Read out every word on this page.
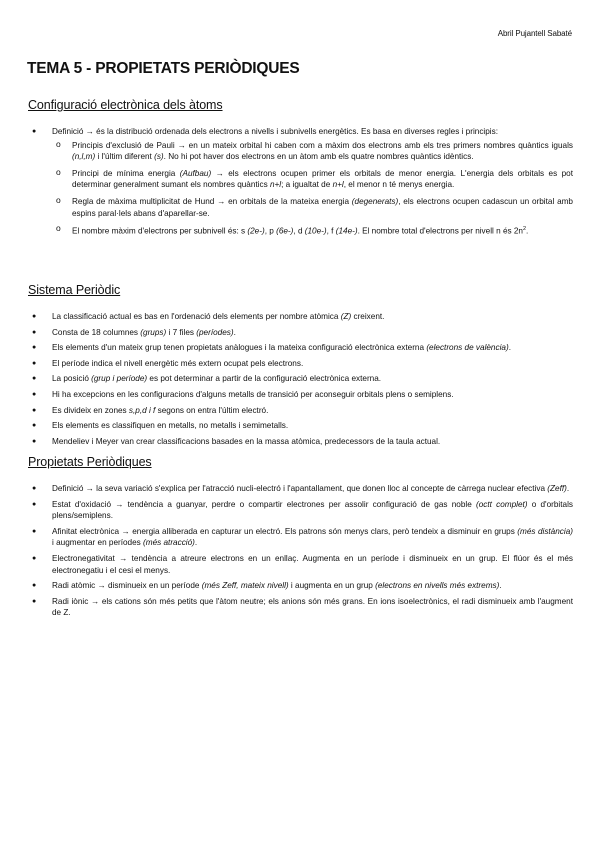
Abril Pujantell Sabaté
TEMA 5 - PROPIETATS PERIÒDIQUES
Configuració electrònica dels àtoms
● Definició → és la distribució ordenada dels electrons a nivells i subnivells energètics. Es basa en diverses regles i principis:
o Principis d'exclusió de Pauli → en un mateix orbital hi caben com a màxim dos electrons amb els tres primers nombres quàntics iguals (n,l,m) i l'últim diferent (s). No hi pot haver dos electrons en un àtom amb els quatre nombres quàntics idèntics.
o Principi de mínima energia (Aufbau) → els electrons ocupen primer els orbitals de menor energia. L'energia dels orbitals es pot determinar generalment sumant els nombres quàntics n+l; a igualtat de n+l, el menor n té menys energia.
o Regla de màxima multiplicitat de Hund → en orbitals de la mateixa energia (degenerats), els electrons ocupen cadascun un orbital amb espins paral·lels abans d'aparellar-se.
o El nombre màxim d'electrons per subnivell és: s (2e-), p (6e-), d (10e-), f (14e-). El nombre total d'electrons per nivell n és $2n^2$.
Sistema Periòdic
● La classificació actual es bas en l'ordenació dels elements per nombre atòmica (Z) creixent.
● Consta de 18 columnes (grups) i 7 files (períodes).
● Els elements d'un mateix grup tenen propietats anàlogues i la mateixa configuració electrònica externa (electrons de valència).
● El període indica el nivell energètic més extern ocupat pels electrons.
● La posició (grup i període) es pot determinar a partir de la configuració electrònica externa.
● Hi ha excepcions en les configuracions d'alguns metalls de transició per aconseguir orbitals plens o semiplens.
● Es divideix en zones s,p,d i f segons on entra l'últim electró.
● Els elements es classifiquen en metalls, no metalls i semimetalls.
● Mendeliev i Meyer van crear classificacions basades en la massa atòmica, predecessors de la taula actual.
Propietats Periòdiques
● Definició → la seva variació s'explica per l'atracció nucli-electró i l'apantallament, que donen lloc al concepte de càrrega nuclear efectiva (Zeff).
● Estat d'oxidació → tendència a guanyar, perdre o compartir electrones per assolir configuració de gas noble (octt complet) o d'orbitals plens/semiplens.
● Afinitat electrònica → energia alliberada en capturar un electró. Els patrons són menys clars, però tendeix a disminuir en grups (més distància) i augmentar en períodes (més atracció).
● Electronegativitat → tendència a atreure electrons en un enllaç. Augmenta en un període i disminueix en un grup. El flúor és el més electronegatiu i el cesi el menys.
● Radi atòmic → disminueix en un període (més Zeff, mateix nivell) i augmenta en un grup (electrons en nivells més extrems).
● Radi iònic → els cations són més petits que l'àtom neutre; els anions són més grans. En ions isoelectrònics, el radi disminueix amb l'augment de Z.
